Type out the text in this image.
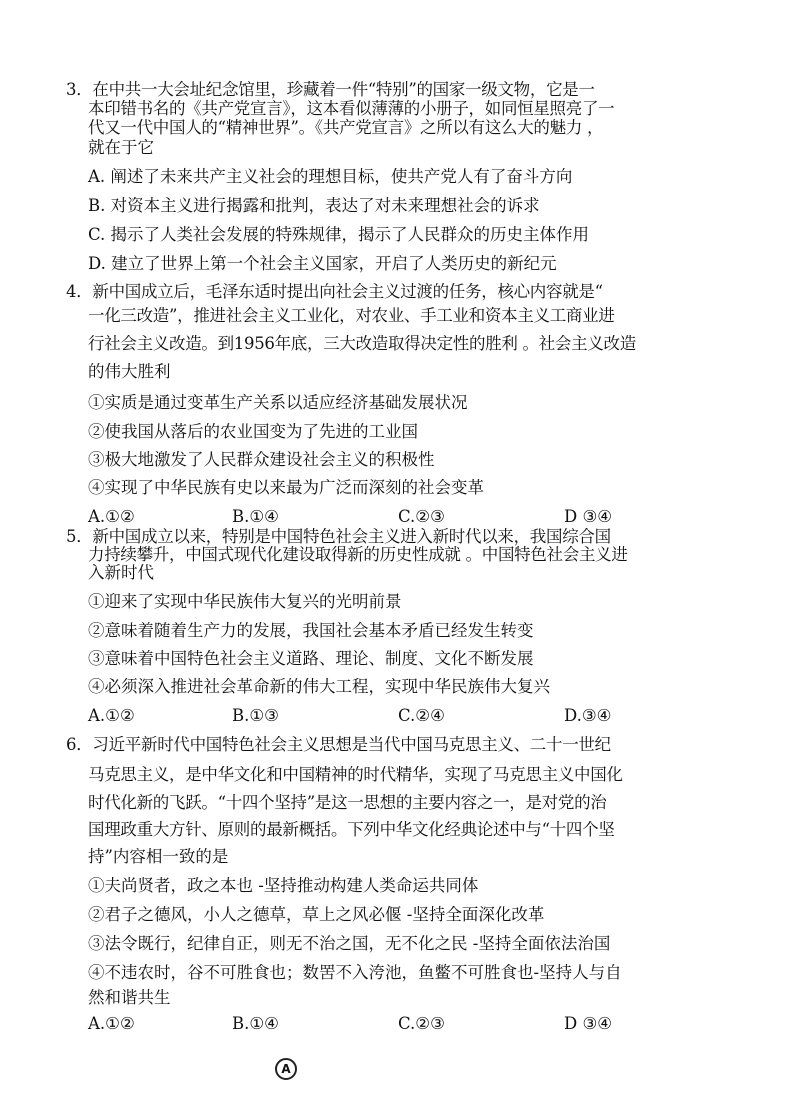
3．在中共一大会址纪念馆里，珍藏着一件“特别”的国家一级文物，它是一
本印错书名的《共产党宣言》，这本看似薄薄的小册子，如同恒星照亮了一
代又一代中国人的“精神世界”。《共产党宣言》之所以有这么大的魅力 ，
就在于它
A. 阐述了未来共产主义社会的理想目标，使共产党人有了奋斗方向
B. 对资本主义进行揭露和批判，表达了对未来理想社会的诉求
C. 揭示了人类社会发展的特殊规律，揭示了人民群众的历史主体作用
D. 建立了世界上第一个社会主义国家，开启了人类历史的新纪元
4．新中国成立后，毛泽东适时提出向社会主义过渡的任务，核心内容就是“
一化三改造”，推进社会主义工业化，对农业、手工业和资本主义工商业进
行社会主义改造。到1956年底，三大改造取得决定性的胜利 。社会主义改造
的伟大胜利
①实质是通过变革生产关系以适应经济基础发展状况
②使我国从落后的农业国变为了先进的工业国
③极大地激发了人民群众建设社会主义的积极性
④实现了中华民族有史以来最为广泛而深刻的社会变革
A.①②	B.①④	C.②③	D ③④
5．新中国成立以来，特别是中国特色社会主义进入新时代以来，我国综合国
力持续攀升，中国式现代化建设取得新的历史性成就 。中国特色社会主义进
入新时代
①迎来了实现中华民族伟大复兴的光明前景
②意味着随着生产力的发展，我国社会基本矛盾已经发生转变
③意味着中国特色社会主义道路、理论、制度、文化不断发展
④必须深入推进社会革命新的伟大工程，实现中华民族伟大复兴
A.①②	B.①③	C.②④	D.③④
6．习近平新时代中国特色社会主义思想是当代中国马克思主义、二十一世纪
马克思主义，是中华文化和中国精神的时代精华，实现了马克思主义中国化
时代化新的飞跃。“十四个坚持”是这一思想的主要内容之一，是对党的治
国理政重大方针、原则的最新概括。下列中华文化经典论述中与“十四个坚
持”内容相一致的是
①夫尚贤者，政之本也 -坚持推动构建人类命运共同体
②君子之德风，小人之德草，草上之风必偃 -坚持全面深化改革
③法令既行，纪律自正，则无不治之国，无不化之民 -坚持全面依法治国
④不违农时，谷不可胜食也；数罟不入洿池，鱼鳖不可胜食也-坚持人与自
然和谐共生
A.①②	B.①④	C.②③	D ③④
A
